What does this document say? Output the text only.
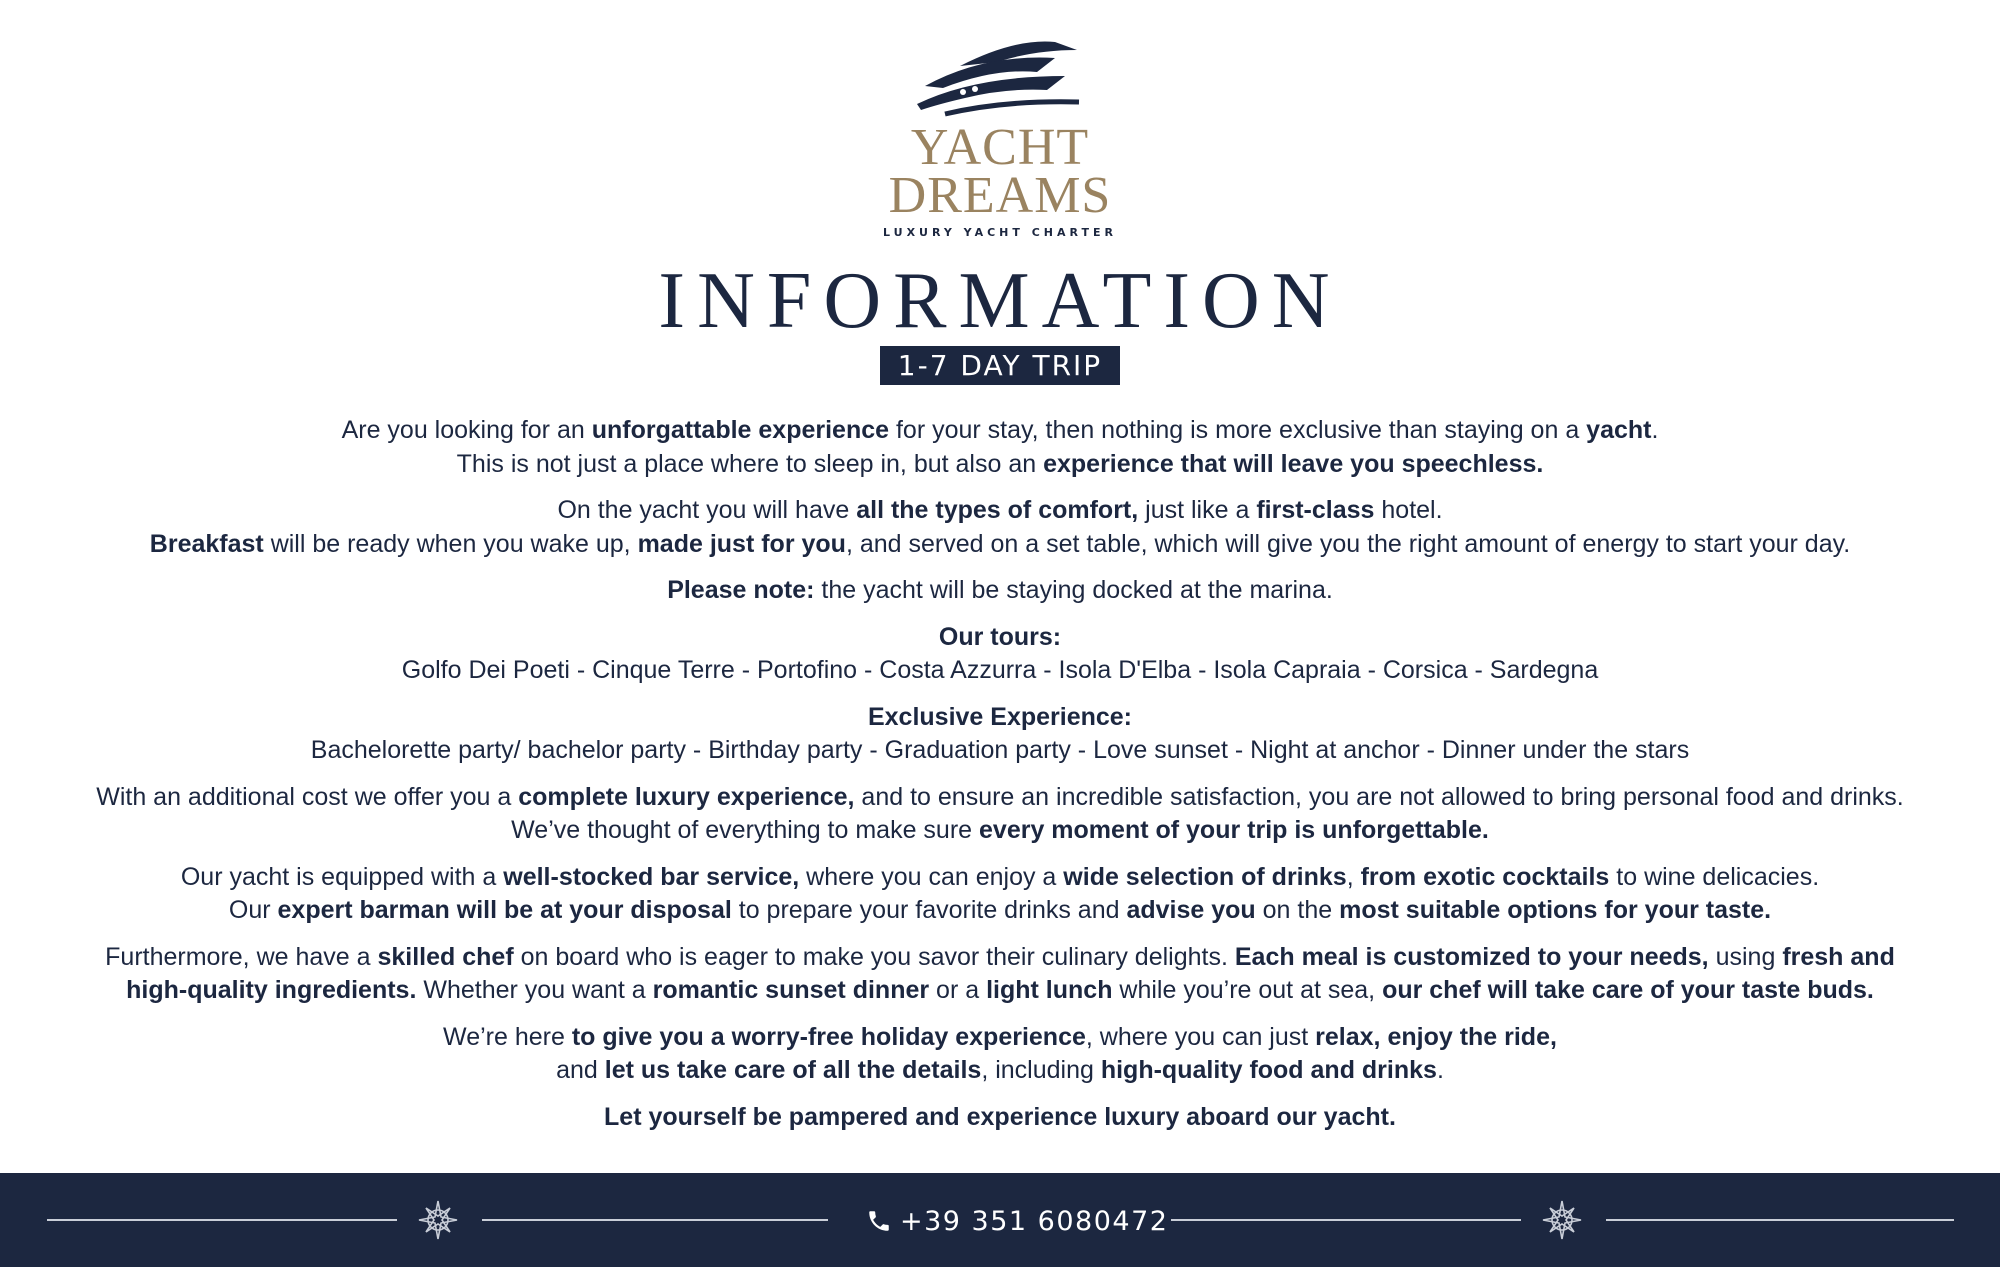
YACHT
DREAMS
LUXURY YACHT CHARTER
INFORMATION
1-7 DAY TRIP

Are you looking for an unforgattable experience for your stay, then nothing is more exclusive than staying on a yacht.
This is not just a place where to sleep in, but also an experience that will leave you speechless.

On the yacht you will have all the types of comfort, just like a first-class hotel.
Breakfast will be ready when you wake up, made just for you, and served on a set table, which will give you the right amount of energy to start your day.

Please note: the yacht will be staying docked at the marina.

Our tours:
Golfo Dei Poeti - Cinque Terre - Portofino - Costa Azzurra - Isola D'Elba - Isola Capraia - Corsica - Sardegna

Exclusive Experience:
Bachelorette party/ bachelor party - Birthday party - Graduation party - Love sunset - Night at anchor - Dinner under the stars

With an additional cost we offer you a complete luxury experience, and to ensure an incredible satisfaction, you are not allowed to bring personal food and drinks.
We’ve thought of everything to make sure every moment of your trip is unforgettable.

Our yacht is equipped with a well-stocked bar service, where you can enjoy a wide selection of drinks, from exotic cocktails to wine delicacies.
Our expert barman will be at your disposal to prepare your favorite drinks and advise you on the most suitable options for your taste.

Furthermore, we have a skilled chef on board who is eager to make you savor their culinary delights. Each meal is customized to your needs, using fresh and
high-quality ingredients. Whether you want a romantic sunset dinner or a light lunch while you’re out at sea, our chef will take care of your taste buds.

We’re here to give you a worry-free holiday experience, where you can just relax, enjoy the ride,
and let us take care of all the details, including high-quality food and drinks.

Let yourself be pampered and experience luxury aboard our yacht.

+39 351 6080472
